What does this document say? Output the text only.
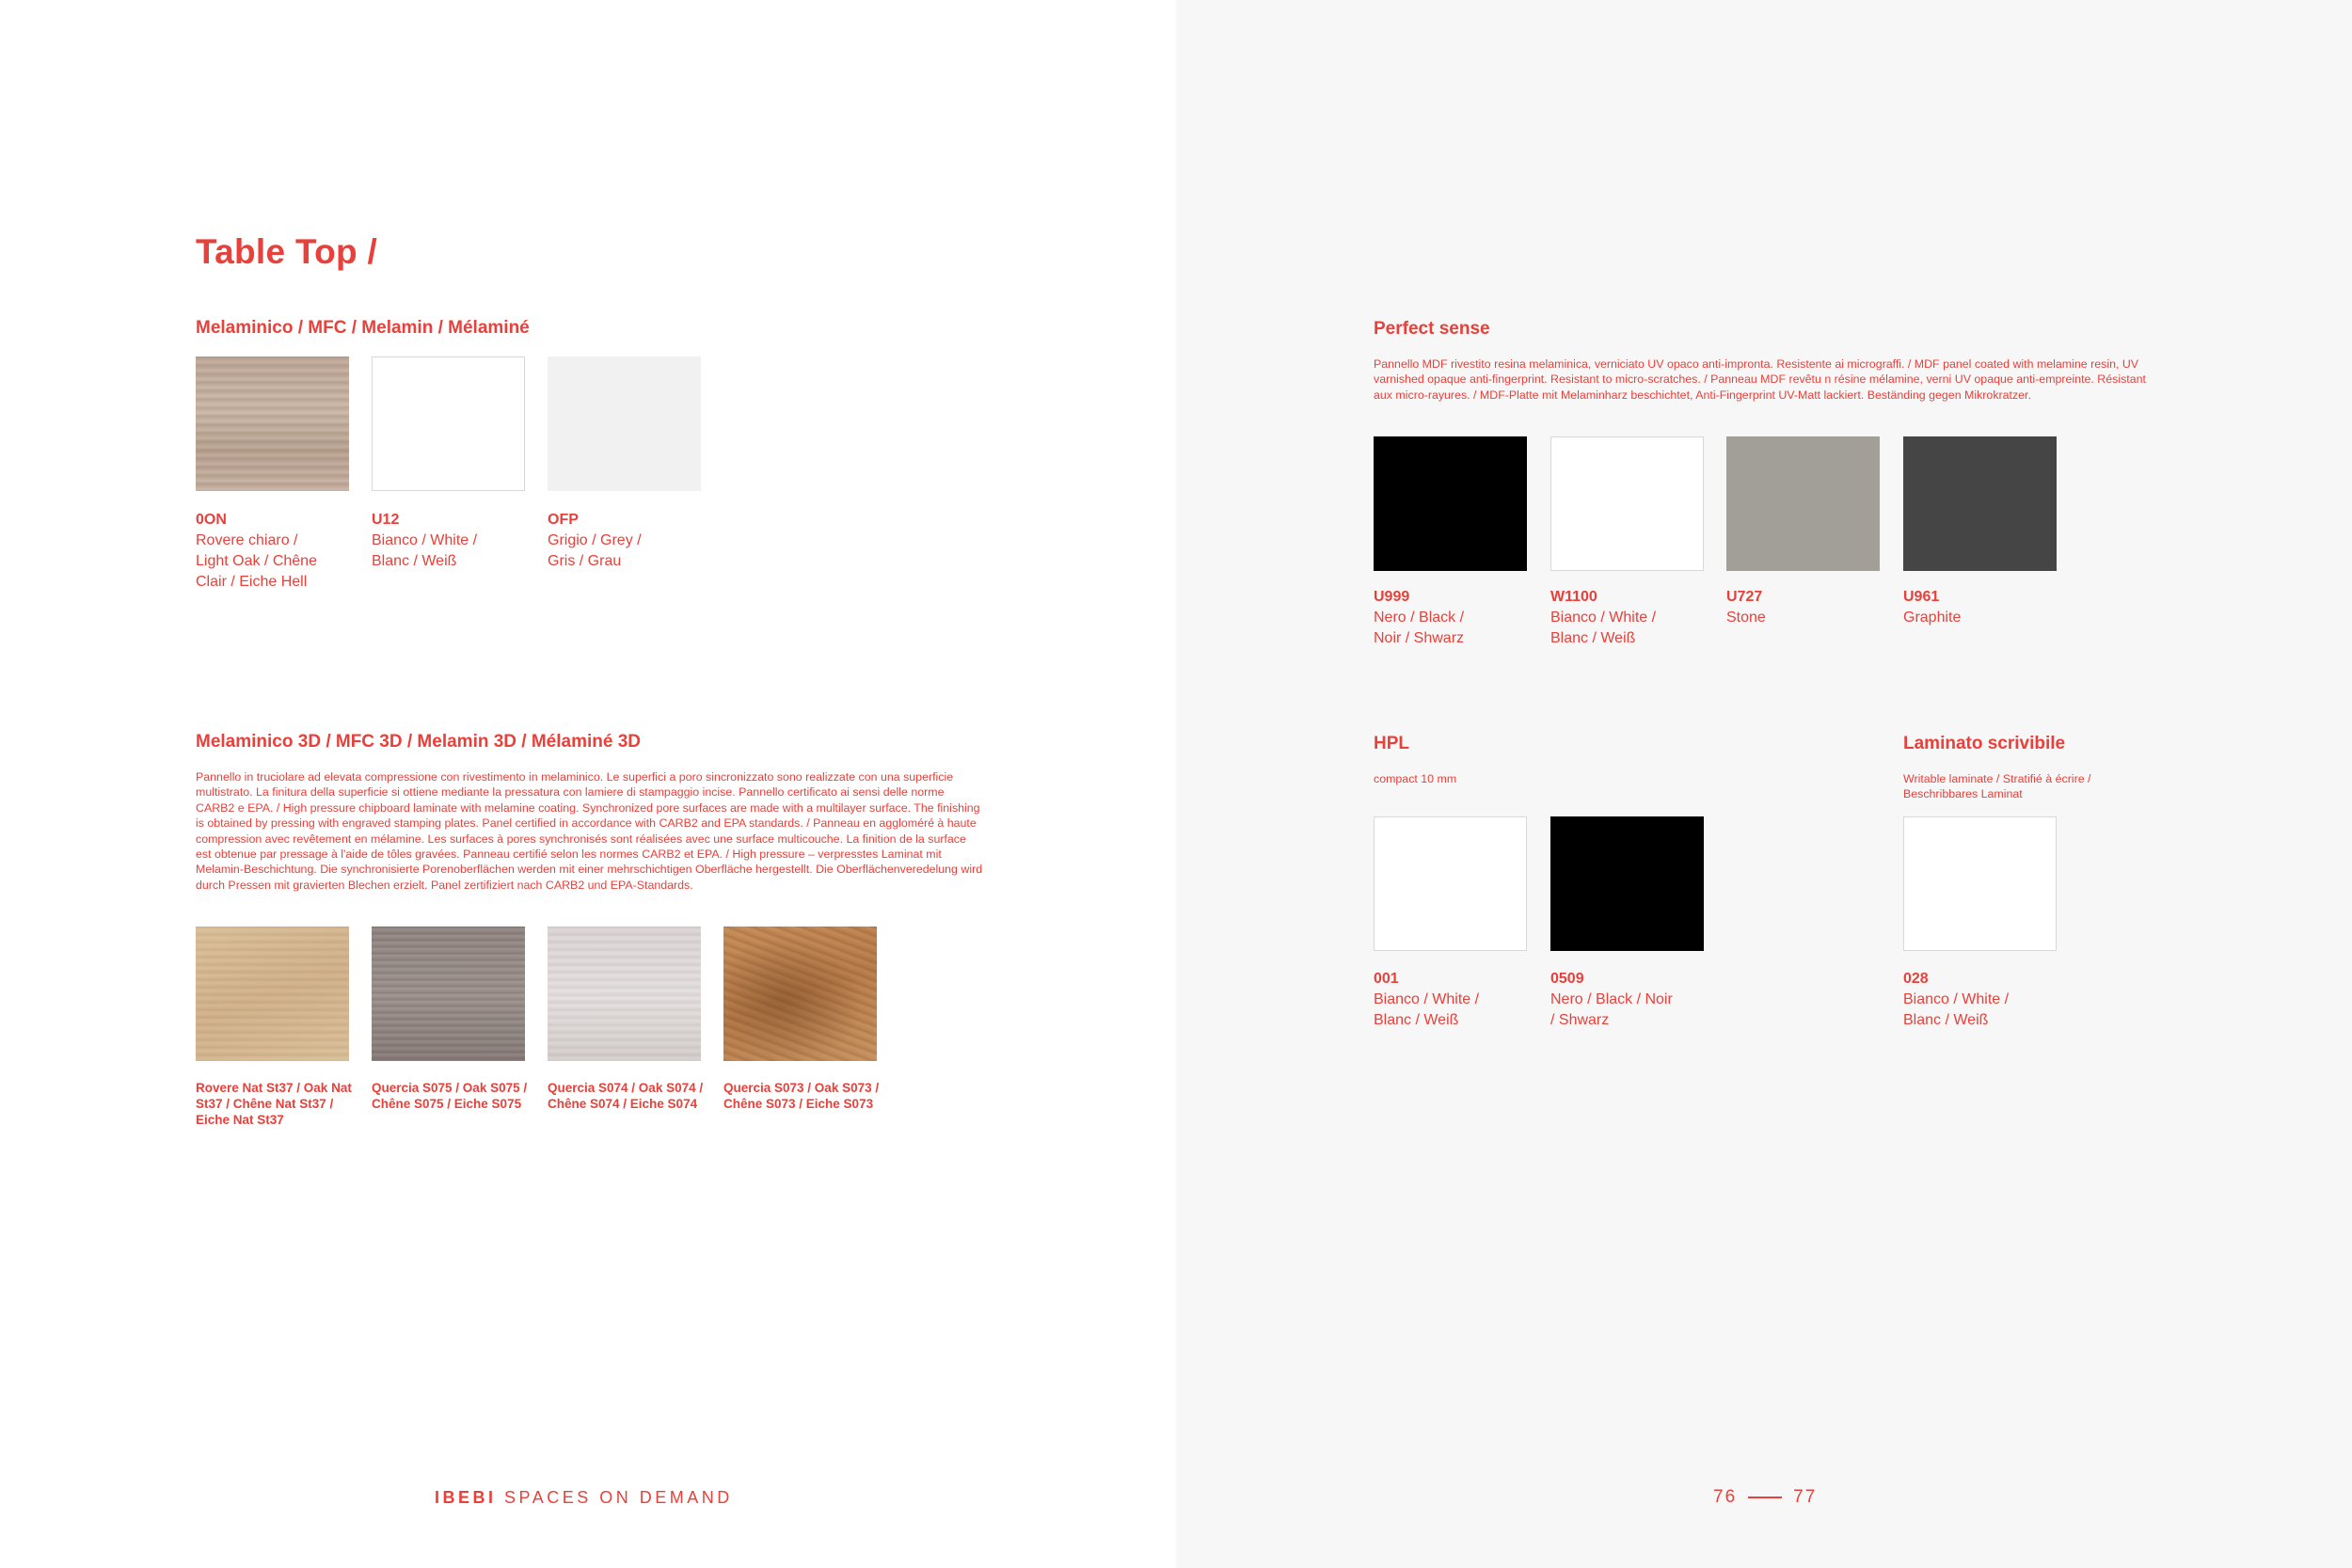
Table Top /
Melaminico / MFC / Melamin / Mélaminé
0ON
Rovere chiaro / Light Oak / Chêne Clair / Eiche Hell
U12
Bianco / White / Blanc / Weiß
OFP
Grigio / Grey / Gris / Grau
Melaminico 3D / MFC 3D / Melamin 3D / Mélaminé 3D
Pannello in truciolare ad elevata compressione con rivestimento in melaminico. Le superfici a poro sincronizzato sono realizzate con una superficie multistrato. La finitura della superficie si ottiene mediante la pressatura con lamiere di stampaggio incise. Pannello certificato ai sensi delle norme CARB2 e EPA. / High pressure chipboard laminate with melamine coating. Synchronized pore surfaces are made with a multilayer surface. The finishing is obtained by pressing with engraved stamping plates. Panel certified in accordance with CARB2 and EPA standards. / Panneau en aggloméré à haute compression avec revêtement en mélamine. Les surfaces à pores synchronisés sont réalisées avec une surface multicouche. La finition de la surface est obtenue par pressage à l'aide de tôles gravées. Panneau certifié selon les normes CARB2 et EPA. / High pressure – verpresstes Laminat mit Melamin-Beschichtung. Die synchronisierte Porenoberflächen werden mit einer mehrschichtigen Oberfläche hergestellt. Die Oberflächenveredelung wird durch Pressen mit gravierten Blechen erzielt. Panel zertifiziert nach CARB2 und EPA-Standards.
Rovere Nat St37 / Oak Nat St37 / Chêne Nat St37 / Eiche Nat St37
Quercia S075 / Oak S075 / Chêne S075 / Eiche S075
Quercia S074 / Oak S074 / Chêne S074 / Eiche S074
Quercia S073 / Oak S073 / Chêne S073 / Eiche S073
IBEBI SPACES ON DEMAND
Perfect sense
Pannello MDF rivestito resina melaminica, verniciato UV opaco anti-impronta. Resistente ai micrograffi. / MDF panel coated with melamine resin, UV varnished opaque anti-fingerprint. Resistant to micro-scratches. / Panneau MDF revêtu n résine mélamine, verni UV opaque anti-empreinte. Résistant aux micro-rayures. / MDF-Platte mit Melaminharz beschichtet, Anti-Fingerprint UV-Matt lackiert. Beständing gegen Mikrokratzer.
U999
Nero / Black / Noir / Shwarz
W1100
Bianco / White / Blanc / Weiß
U727
Stone
U961
Graphite
HPL
compact 10 mm
Laminato scrivibile
Writable laminate / Stratifié à écrire / Beschribbares Laminat
001
Bianco / White / Blanc / Weiß
0509
Nero / Black / Noir / Shwarz
028
Bianco / White / Blanc / Weiß
76	77
